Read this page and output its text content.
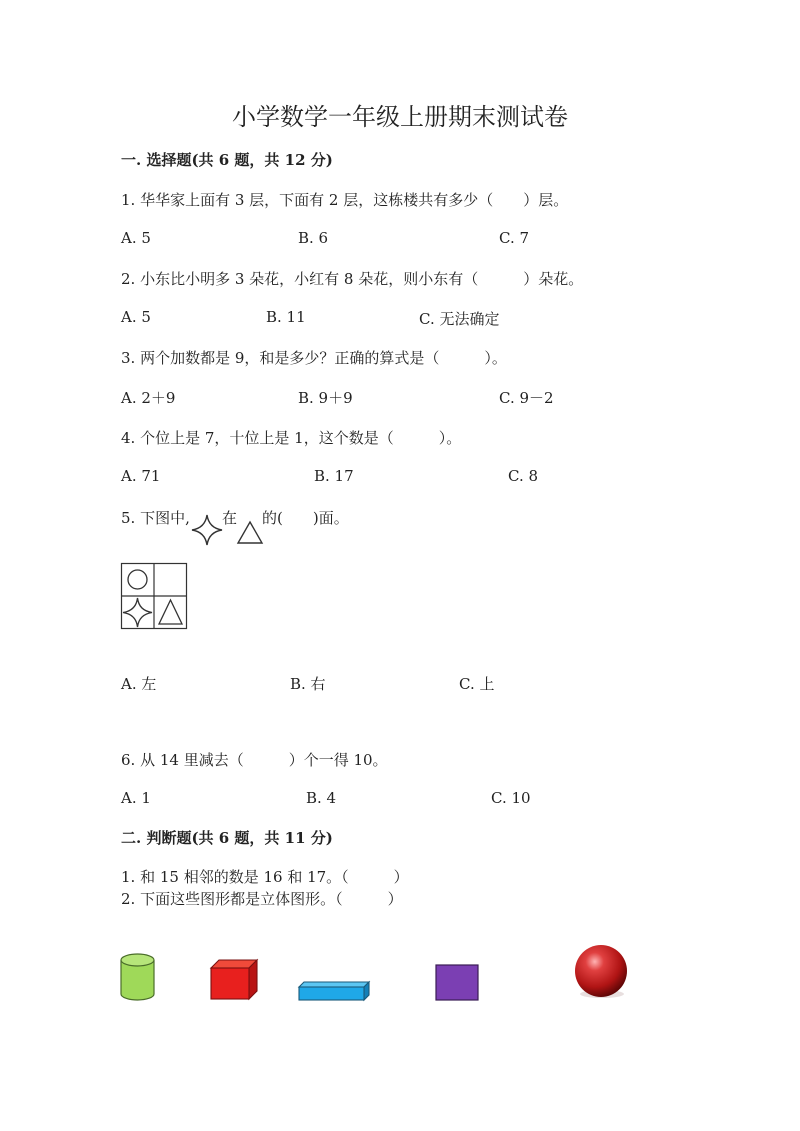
小学数学一年级上册期末测试卷
一. 选择题(共 6 题，共 12 分)
1. 华华家上面有 3 层，下面有 2 层，这栋楼共有多少（　　）层。
A. 5	B. 6	C. 7
2. 小东比小明多 3 朵花，小红有 8 朵花，则小东有（　　　）朵花。
A. 5	B. 11	C. 无法确定
3. 两个加数都是 9，和是多少？正确的算式是（　　　）。
A. 2＋9	B. 9＋9	C. 9－2
4. 个位上是 7，十位上是 1，这个数是（　　　）。
A. 71	B. 17	C. 8
5. 下图中, 在 的(　　)面。
A. 左	B. 右	C. 上
6. 从 14 里减去（　　　）个一得 10。
A. 1	B. 4	C. 10
二. 判断题(共 6 题，共 11 分)
1. 和 15 相邻的数是 16 和 17。（　　　）
2. 下面这些图形都是立体图形。（　　　）
